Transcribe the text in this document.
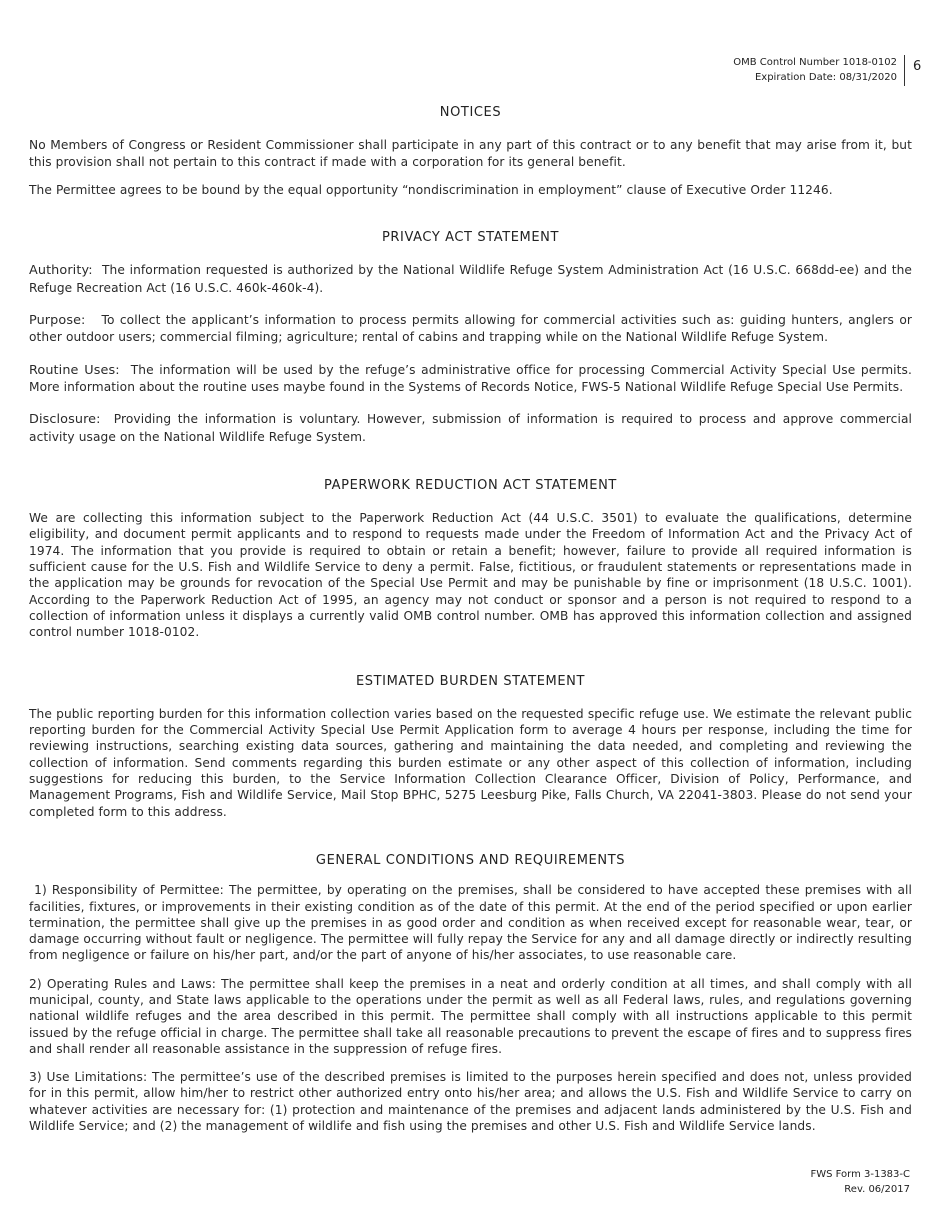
OMB Control Number 1018-0102
Expiration Date: 08/31/2020
6
NOTICES

No Members of Congress or Resident Commissioner shall participate in any part of this contract or to any benefit that may arise from it, but this provision shall not pertain to this contract if made with a corporation for its general benefit.

The Permittee agrees to be bound by the equal opportunity “nondiscrimination in employment” clause of Executive Order 11246.

PRIVACY ACT STATEMENT

Authority: The information requested is authorized by the National Wildlife Refuge System Administration Act (16 U.S.C. 668dd-ee) and the Refuge Recreation Act (16 U.S.C. 460k-460k-4).

Purpose: To collect the applicant’s information to process permits allowing for commercial activities such as: guiding hunters, anglers or other outdoor users; commercial filming; agriculture; rental of cabins and trapping while on the National Wildlife Refuge System.

Routine Uses: The information will be used by the refuge’s administrative office for processing Commercial Activity Special Use permits. More information about the routine uses maybe found in the Systems of Records Notice, FWS-5 National Wildlife Refuge Special Use Permits.

Disclosure: Providing the information is voluntary. However, submission of information is required to process and approve commercial activity usage on the National Wildlife Refuge System.

PAPERWORK REDUCTION ACT STATEMENT

We are collecting this information subject to the Paperwork Reduction Act (44 U.S.C. 3501) to evaluate the qualifications, determine eligibility, and document permit applicants and to respond to requests made under the Freedom of Information Act and the Privacy Act of 1974. The information that you provide is required to obtain or retain a benefit; however, failure to provide all required information is sufficient cause for the U.S. Fish and Wildlife Service to deny a permit. False, fictitious, or fraudulent statements or representations made in the application may be grounds for revocation of the Special Use Permit and may be punishable by fine or imprisonment (18 U.S.C. 1001). According to the Paperwork Reduction Act of 1995, an agency may not conduct or sponsor and a person is not required to respond to a collection of information unless it displays a currently valid OMB control number. OMB has approved this information collection and assigned control number 1018-0102.

ESTIMATED BURDEN STATEMENT

The public reporting burden for this information collection varies based on the requested specific refuge use. We estimate the relevant public reporting burden for the Commercial Activity Special Use Permit Application form to average 4 hours per response, including the time for reviewing instructions, searching existing data sources, gathering and maintaining the data needed, and completing and reviewing the collection of information. Send comments regarding this burden estimate or any other aspect of this collection of information, including suggestions for reducing this burden, to the Service Information Collection Clearance Officer, Division of Policy, Performance, and Management Programs, Fish and Wildlife Service, Mail Stop BPHC, 5275 Leesburg Pike, Falls Church, VA 22041-3803. Please do not send your completed form to this address.

GENERAL CONDITIONS AND REQUIREMENTS

1) Responsibility of Permittee: The permittee, by operating on the premises, shall be considered to have accepted these premises with all facilities, fixtures, or improvements in their existing condition as of the date of this permit. At the end of the period specified or upon earlier termination, the permittee shall give up the premises in as good order and condition as when received except for reasonable wear, tear, or damage occurring without fault or negligence. The permittee will fully repay the Service for any and all damage directly or indirectly resulting from negligence or failure on his/her part, and/or the part of anyone of his/her associates, to use reasonable care.

2) Operating Rules and Laws: The permittee shall keep the premises in a neat and orderly condition at all times, and shall comply with all municipal, county, and State laws applicable to the operations under the permit as well as all Federal laws, rules, and regulations governing national wildlife refuges and the area described in this permit. The permittee shall comply with all instructions applicable to this permit issued by the refuge official in charge. The permittee shall take all reasonable precautions to prevent the escape of fires and to suppress fires and shall render all reasonable assistance in the suppression of refuge fires.

3) Use Limitations: The permittee’s use of the described premises is limited to the purposes herein specified and does not, unless provided for in this permit, allow him/her to restrict other authorized entry onto his/her area; and allows the U.S. Fish and Wildlife Service to carry on whatever activities are necessary for: (1) protection and maintenance of the premises and adjacent lands administered by the U.S. Fish and Wildlife Service; and (2) the management of wildlife and fish using the premises and other U.S. Fish and Wildlife Service lands.

FWS Form 3-1383-C
Rev. 06/2017
